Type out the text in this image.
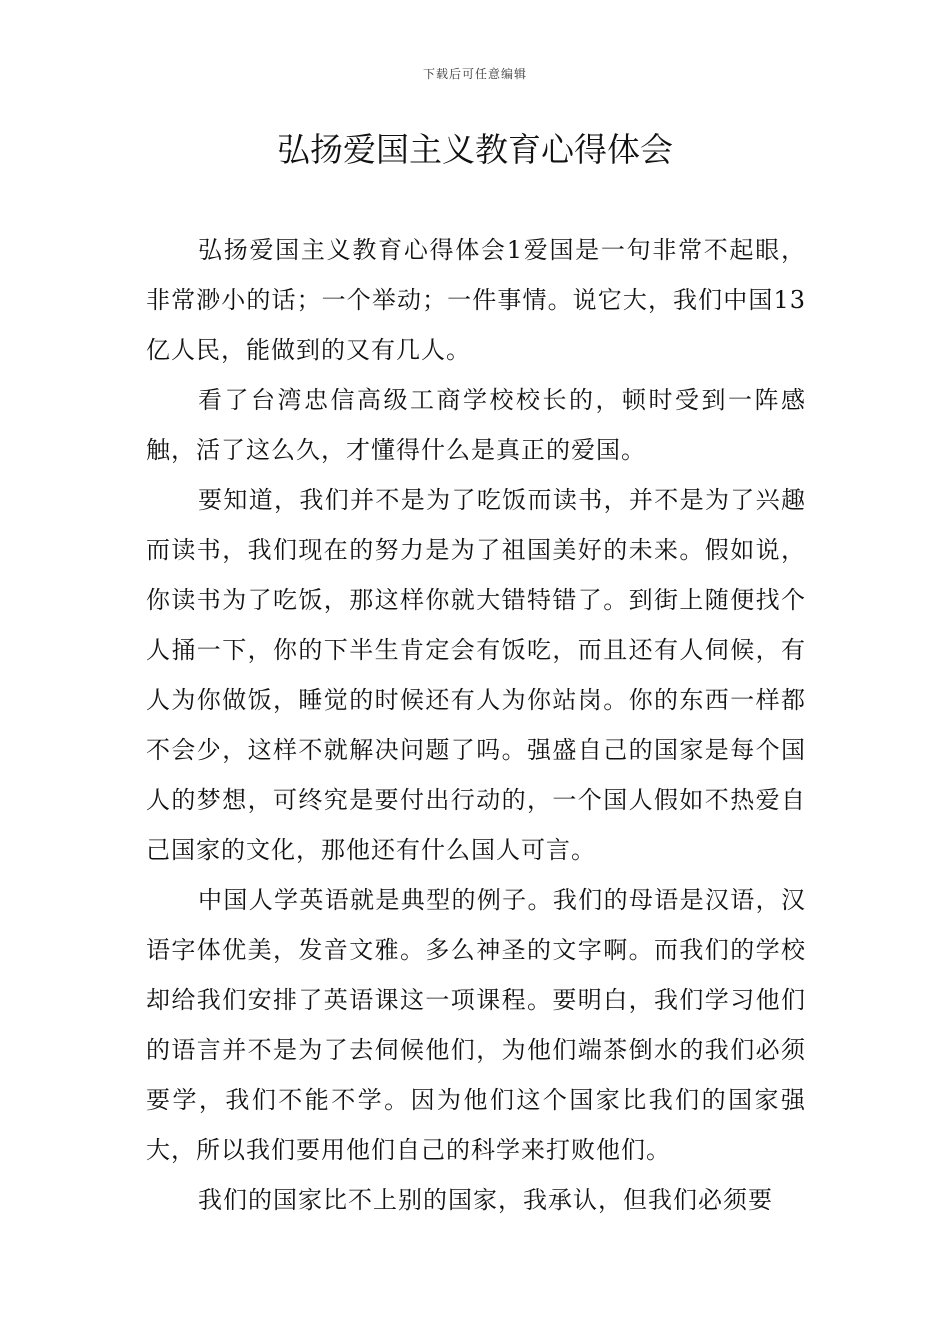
下载后可任意编辑
弘扬爱国主义教育心得体会

弘扬爱国主义教育心得体会1爱国是一句非常不起眼，非常渺小的话；一个举动；一件事情。说它大，我们中国13亿人民，能做到的又有几人。

看了台湾忠信高级工商学校校长的，顿时受到一阵感触，活了这么久，才懂得什么是真正的爱国。

要知道，我们并不是为了吃饭而读书，并不是为了兴趣而读书，我们现在的努力是为了祖国美好的未来。假如说，你读书为了吃饭，那这样你就大错特错了。到街上随便找个人捅一下，你的下半生肯定会有饭吃，而且还有人伺候，有人为你做饭，睡觉的时候还有人为你站岗。你的东西一样都不会少，这样不就解决问题了吗。强盛自己的国家是每个国人的梦想，可终究是要付出行动的，一个国人假如不热爱自己国家的文化，那他还有什么国人可言。

中国人学英语就是典型的例子。我们的母语是汉语，汉语字体优美，发音文雅。多么神圣的文字啊。而我们的学校却给我们安排了英语课这一项课程。要明白，我们学习他们的语言并不是为了去伺候他们，为他们端茶倒水的我们必须要学，我们不能不学。因为他们这个国家比我们的国家强大，所以我们要用他们自己的科学来打败他们。

我们的国家比不上别的国家，我承认，但我们必须要
